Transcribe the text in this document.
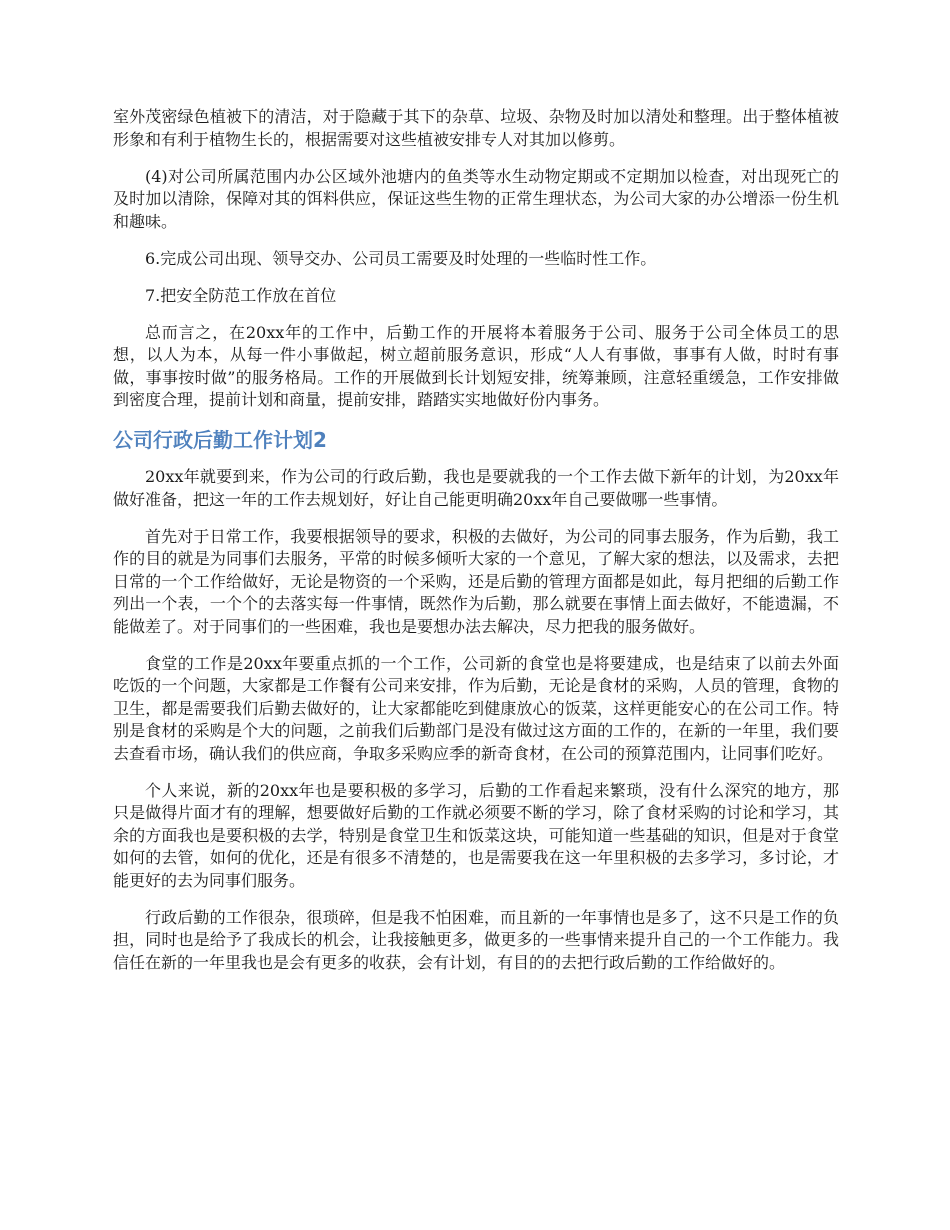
室外茂密绿色植被下的清洁，对于隐藏于其下的杂草、垃圾、杂物及时加以清处和整理。出于整体植被形象和有利于植物生长的，根据需要对这些植被安排专人对其加以修剪。

(4)对公司所属范围内办公区域外池塘内的鱼类等水生动物定期或不定期加以检查，对出现死亡的及时加以清除，保障对其的饵料供应，保证这些生物的正常生理状态，为公司大家的办公增添一份生机和趣味。

6.完成公司出现、领导交办、公司员工需要及时处理的一些临时性工作。

7.把安全防范工作放在首位

总而言之，在20xx年的工作中，后勤工作的开展将本着服务于公司、服务于公司全体员工的思想，以人为本，从每一件小事做起，树立超前服务意识，形成“人人有事做，事事有人做，时时有事做，事事按时做”的服务格局。工作的开展做到长计划短安排，统筹兼顾，注意轻重缓急，工作安排做到密度合理，提前计划和商量，提前安排，踏踏实实地做好份内事务。

公司行政后勤工作计划2

20xx年就要到来，作为公司的行政后勤，我也是要就我的一个工作去做下新年的计划，为20xx年做好准备，把这一年的工作去规划好，好让自己能更明确20xx年自己要做哪一些事情。

首先对于日常工作，我要根据领导的要求，积极的去做好，为公司的同事去服务，作为后勤，我工作的目的就是为同事们去服务，平常的时候多倾听大家的一个意见，了解大家的想法，以及需求，去把日常的一个工作给做好，无论是物资的一个采购，还是后勤的管理方面都是如此，每月把细的后勤工作列出一个表，一个个的去落实每一件事情，既然作为后勤，那么就要在事情上面去做好，不能遗漏，不能做差了。对于同事们的一些困难，我也是要想办法去解决，尽力把我的服务做好。

食堂的工作是20xx年要重点抓的一个工作，公司新的食堂也是将要建成，也是结束了以前去外面吃饭的一个问题，大家都是工作餐有公司来安排，作为后勤，无论是食材的采购，人员的管理，食物的卫生，都是需要我们后勤去做好的，让大家都能吃到健康放心的饭菜，这样更能安心的在公司工作。特别是食材的采购是个大的问题，之前我们后勤部门是没有做过这方面的工作的，在新的一年里，我们要去查看市场，确认我们的供应商，争取多采购应季的新奇食材，在公司的预算范围内，让同事们吃好。

个人来说，新的20xx年也是要积极的多学习，后勤的工作看起来繁琐，没有什么深究的地方，那只是做得片面才有的理解，想要做好后勤的工作就必须要不断的学习，除了食材采购的讨论和学习，其余的方面我也是要积极的去学，特别是食堂卫生和饭菜这块，可能知道一些基础的知识，但是对于食堂如何的去管，如何的优化，还是有很多不清楚的，也是需要我在这一年里积极的去多学习，多讨论，才能更好的去为同事们服务。

行政后勤的工作很杂，很琐碎，但是我不怕困难，而且新的一年事情也是多了，这不只是工作的负担，同时也是给予了我成长的机会，让我接触更多，做更多的一些事情来提升自己的一个工作能力。我信任在新的一年里我也是会有更多的收获，会有计划，有目的的去把行政后勤的工作给做好的。
